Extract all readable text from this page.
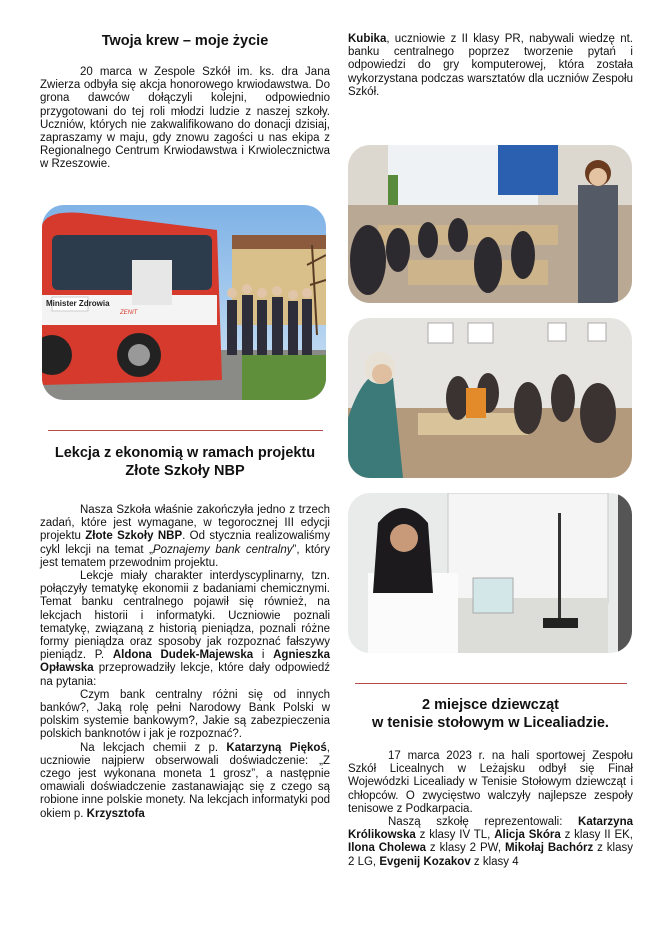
Twoja krew – moje życie

20 marca w Zespole Szkół im. ks. dra Jana Zwierza odbyła się akcja honorowego krwiodawstwa. Do grona dawców dołączyli kolejni, odpowiednio przygotowani do tej roli młodzi ludzie z naszej szkoły. Uczniów, których nie zakwalifikowano do donacji dzisiaj, zapraszamy w maju, gdy znowu zagości u nas ekipa z Regionalnego Centrum Krwiodawstwa i Krwiolecznictwa w Rzeszowie.

Minister Zdrowia
ZENIT
Lekcja z ekonomią w ramach projektu
Złote Szkoły NBP

Nasza Szkoła właśnie zakończyła jedno z trzech zadań, które jest wymagane, w tegorocznej III edycji projektu Złote Szkoły NBP. Od stycznia realizowaliśmy cykl lekcji na temat „Poznajemy bank centralny”, który jest tematem przewodnim projektu.

Lekcje miały charakter interdyscyplinarny, tzn. połączyły tematykę ekonomii z badaniami chemicznymi. Temat banku centralnego pojawił się również, na lekcjach historii i informatyki. Uczniowie poznali tematykę, związaną z historią pieniądza, poznali różne formy pieniądza oraz sposoby jak rozpoznać fałszywy pieniądz. P. Aldona Dudek-Majewska i Agnieszka Opławska przeprowadziły lekcje, które dały odpowiedź na pytania:

Czym bank centralny różni się od innych banków?, Jaką rolę pełni Narodowy Bank Polski w polskim systemie bankowym?, Jakie są zabezpieczenia polskich banknotów i jak je rozpoznać?.

Na lekcjach chemii z p. Katarzyną Piękoś, uczniowie najpierw obserwowali doświadczenie: „Z czego jest wykonana moneta 1 grosz”, a następnie omawiali doświadczenie zastanawiając się z czego są robione inne polskie monety. Na lekcjach informatyki pod okiem p. Krzysztofa

Kubika, uczniowie z II klasy PR, nabywali wiedzę nt. banku centralnego poprzez tworzenie pytań i odpowiedzi do gry komputerowej, która została wykorzystana podczas warsztatów dla uczniów Zespołu Szkół.

2 miejsce dziewcząt
w tenisie stołowym w Licealiadzie.

17 marca 2023 r. na hali sportowej Zespołu Szkół Licealnych w Leżajsku odbył się Finał Wojewódzki Licealiady w Tenisie Stołowym dziewcząt i chłopców. O zwycięstwo walczyły najlepsze zespoły tenisowe z Podkarpacia.

Naszą szkołę reprezentowali: Katarzyna Królikowska z klasy IV TL, Alicja Skóra z klasy II EK, Ilona Cholewa z klasy 2 PW, Mikołaj Bachórz z klasy 2 LG, Evgenij Kozakov z klasy 4
